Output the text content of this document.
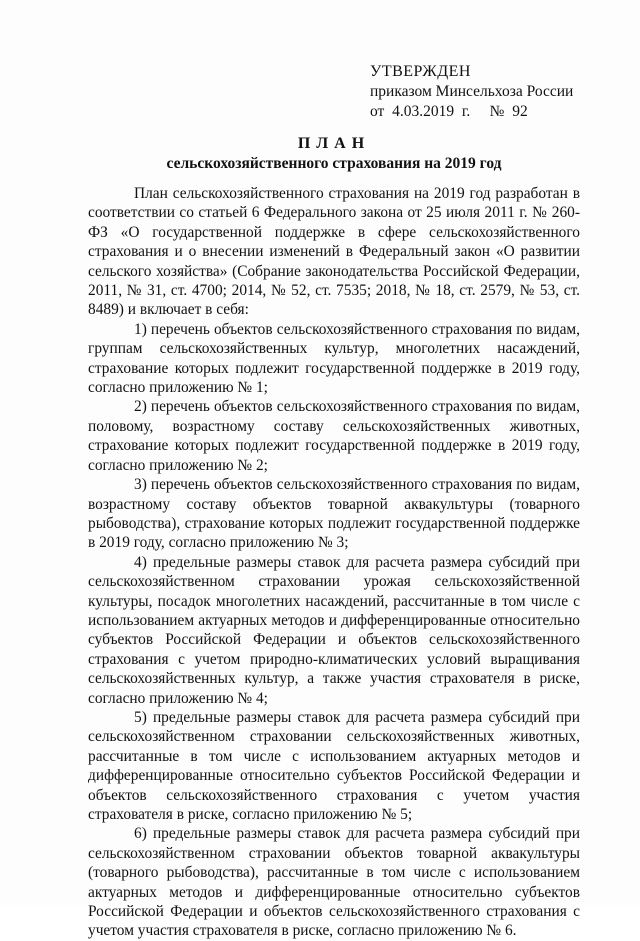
УТВЕРЖДЕН
приказом Минсельхоза России
от  4.03.2019  г.     №  92
ПЛАН
сельскохозяйственного страхования на 2019 год

План сельскохозяйственного страхования на 2019 год разработан в соответствии со статьей 6 Федерального закона от 25 июля 2011 г. № 260-ФЗ «О государственной поддержке в сфере сельскохозяйственного страхования и о внесении изменений в Федеральный закон «О развитии сельского хозяйства» (Собрание законодательства Российской Федерации, 2011, № 31, ст. 4700; 2014, № 52, ст. 7535; 2018, № 18, ст. 2579, № 53, ст. 8489) и включает в себя:

1) перечень объектов сельскохозяйственного страхования по видам, группам сельскохозяйственных культур, многолетних насаждений, страхование которых подлежит государственной поддержке в 2019 году, согласно приложению № 1;

2) перечень объектов сельскохозяйственного страхования по видам, половому, возрастному составу сельскохозяйственных животных, страхование которых подлежит государственной поддержке в 2019 году, согласно приложению № 2;

3) перечень объектов сельскохозяйственного страхования по видам, возрастному составу объектов товарной аквакультуры (товарного рыбоводства), страхование которых подлежит государственной поддержке в 2019 году, согласно приложению № 3;

4) предельные размеры ставок для расчета размера субсидий при сельскохозяйственном страховании урожая сельскохозяйственной культуры, посадок многолетних насаждений, рассчитанные в том числе с использованием актуарных методов и дифференцированные относительно субъектов Российской Федерации и объектов сельскохозяйственного страхования с учетом природно-климатических условий выращивания сельскохозяйственных культур, а также участия страхователя в риске, согласно приложению № 4;

5) предельные размеры ставок для расчета размера субсидий при сельскохозяйственном страховании сельскохозяйственных животных, рассчитанные в том числе с использованием актуарных методов и дифференцированные относительно субъектов Российской Федерации и объектов сельскохозяйственного страхования с учетом участия страхователя в риске, согласно приложению № 5;

6) предельные размеры ставок для расчета размера субсидий при сельскохозяйственном страховании объектов товарной аквакультуры (товарного рыбоводства), рассчитанные в том числе с использованием актуарных методов и дифференцированные относительно субъектов Российской Федерации и объектов сельскохозяйственного страхования с учетом участия страхователя в риске, согласно приложению № 6.
